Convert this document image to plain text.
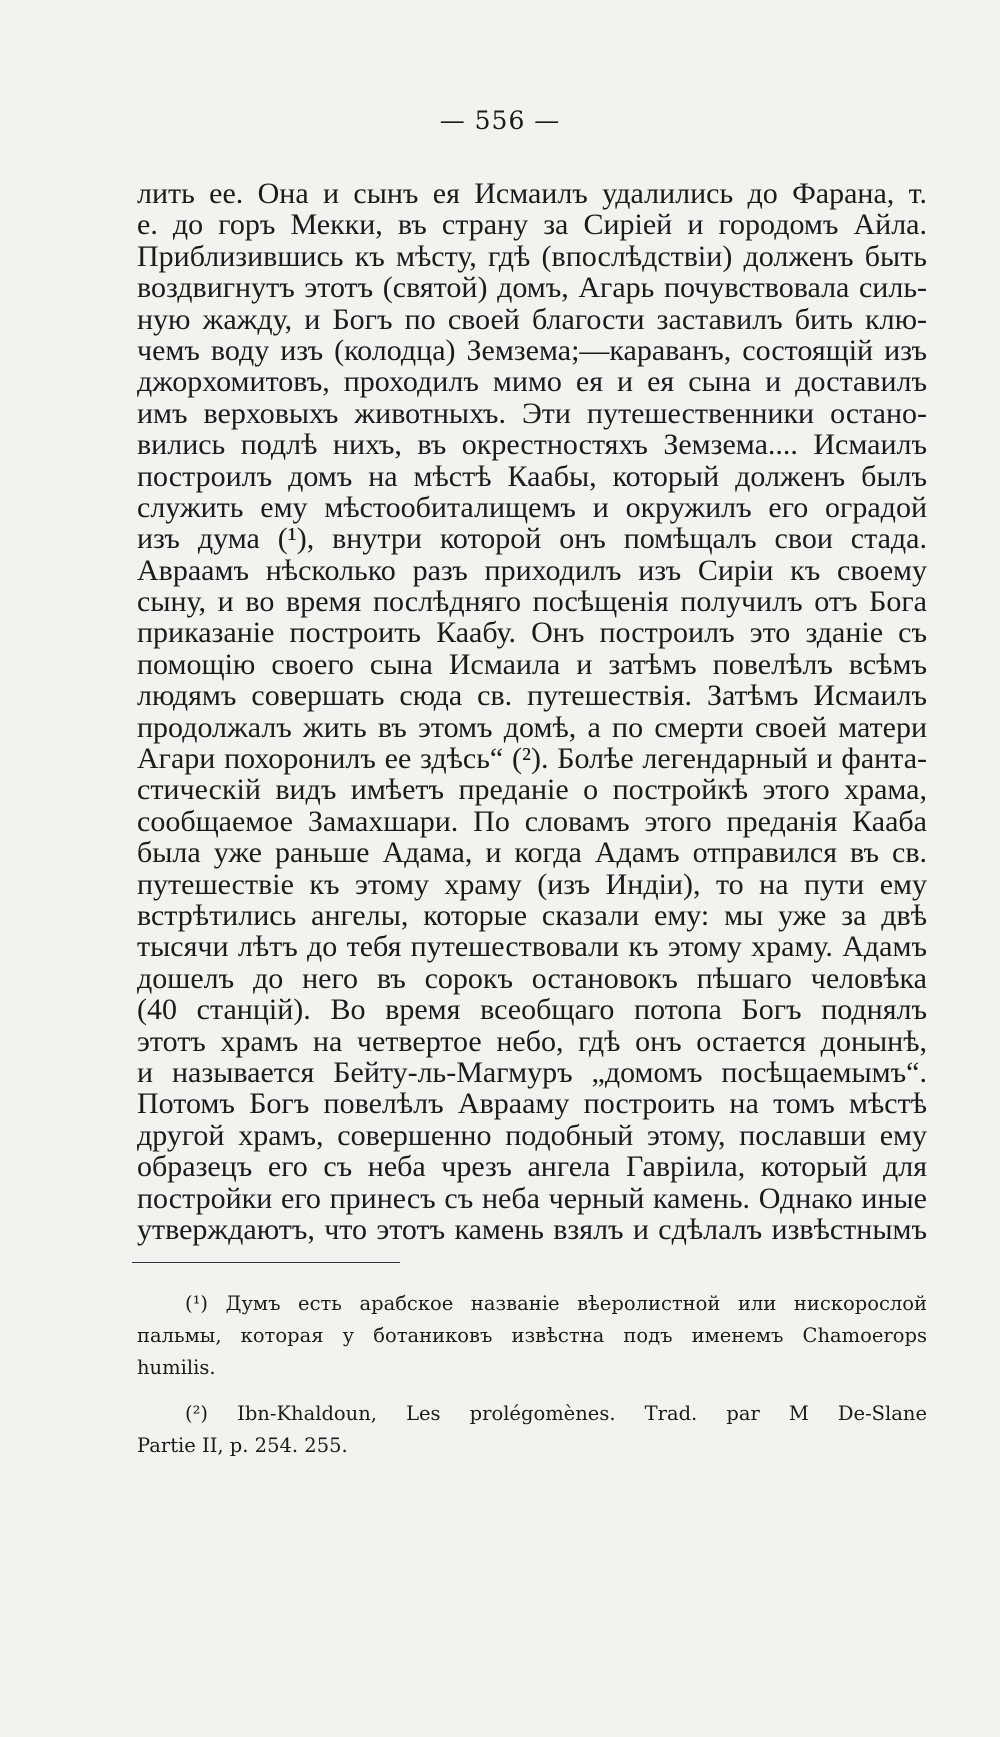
— 556 —
лить ее. Она и сынъ ея Исмаилъ удалились до Фарана, т.
е. до горъ Мекки, въ страну за Сиріей и городомъ Айла.
Приблизившись къ мѣсту, гдѣ (впослѣдствіи) долженъ быть
воздвигнутъ этотъ (святой) домъ, Агарь почувствовала силь-
ную жажду, и Богъ по своей благости заставилъ бить клю-
чемъ воду изъ (колодца) Земзема;—караванъ, состоящій изъ
джорхомитовъ, проходилъ мимо ея и ея сына и доставилъ
имъ верховыхъ животныхъ. Эти путешественники остано-
вились подлѣ нихъ, въ окрестностяхъ Земзема.... Исмаилъ
построилъ домъ на мѣстѣ Каабы, который долженъ былъ
служить ему мѣстообиталищемъ и окружилъ его оградой
изъ дума (¹), внутри которой онъ помѣщалъ свои стада.
Авраамъ нѣсколько разъ приходилъ изъ Сиріи къ своему
сыну, и во время послѣдняго посѣщенія получилъ отъ Бога
приказаніе построить Каабу. Онъ построилъ это зданіе съ
помощію своего сына Исмаила и затѣмъ повелѣлъ всѣмъ
людямъ совершать сюда св. путешествія. Затѣмъ Исмаилъ
продолжалъ жить въ этомъ домѣ, а по смерти своей матери
Агари похоронилъ ее здѣсь“ (²). Болѣе легендарный и фанта-
стическій видъ имѣетъ преданіе о постройкѣ этого храма,
сообщаемое Замахшари. По словамъ этого преданія Кааба
была уже раньше Адама, и когда Адамъ отправился въ св.
путешествіе къ этому храму (изъ Индіи), то на пути ему
встрѣтились ангелы, которые сказали ему: мы уже за двѣ
тысячи лѣтъ до тебя путешествовали къ этому храму. Адамъ
дошелъ до него въ сорокъ остановокъ пѣшаго человѣка
(40 станцій). Во время всеобщаго потопа Богъ поднялъ
этотъ храмъ на четвертое небо, гдѣ онъ остается донынѣ,
и называется Бейту-ль-Магмуръ „домомъ посѣщаемымъ“.
Потомъ Богъ повелѣлъ Аврааму построить на томъ мѣстѣ
другой храмъ, совершенно подобный этому, пославши ему
образецъ его съ неба чрезъ ангела Гавріила, который для
постройки его принесъ съ неба черный камень. Однако иные
утверждаютъ, что этотъ камень взялъ и сдѣлалъ извѣстнымъ
(¹) Думъ есть арабское названіе вѣеролистной или нискорослой
пальмы, которая у ботаниковъ извѣстна подъ именемъ Chamoerops
humilis.
(²) Ibn-Khaldoun, Les prolégomènes. Trad. par M De-Slane
Partie II, p. 254. 255.
